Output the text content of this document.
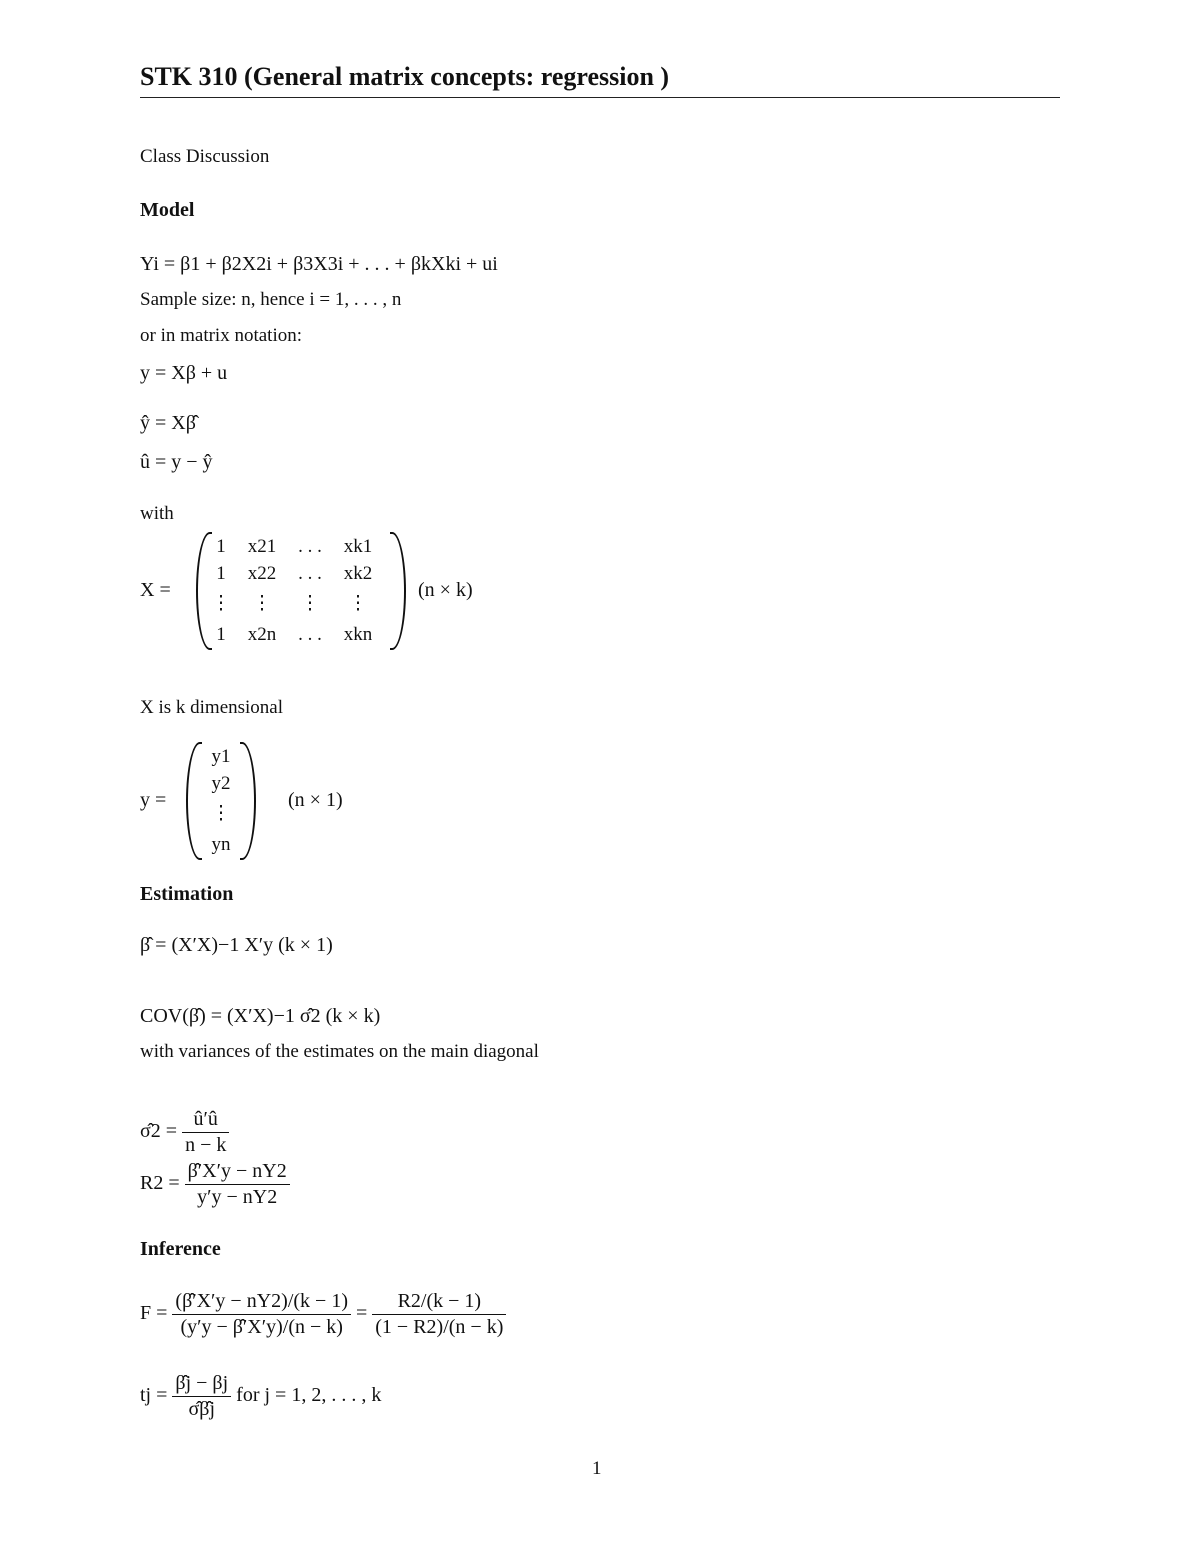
STK 310 (General matrix concepts: regression )
Class Discussion
Model
Yi = β1 + β2X2i + β3X3i + . . . + βkXki + ui
Sample size: n, hence i = 1, . . . , n
or in matrix notation:
y = Xβ + u
ŷ = Xβ̂
û = y − ŷ
with
X =
1	x21	. . .	xk1
1	x22	. . .	xk2
⋮	⋮	⋮	⋮
1	x2n	. . .	xkn
(n × k)
X is k dimensional
y =
y1
y2
⋮
yn
(n × 1)
Estimation
β̂ = (X′X)−1 X′y (k × 1)
COV(β̂) = (X′X)−1 σ̂2 (k × k)
with variances of the estimates on the main diagonal
σ̂2 = $\frac{û'û}{n - k}$
$R2 = \frac{\betâ'X'y - nY2}{y'y - nY2}$
Inference
$F = \frac{(\betâ'X'y - nY2)/(k - 1)}{(y'y - \betâ'X'y)/(n - k)} = \frac{R2/(k - 1)}{(1 - R2)/(n - k)}$
tj = $\frac{\betâj - \beta j}{\sigmâ\betâj}$ for j = 1, 2, . . . , k
1
